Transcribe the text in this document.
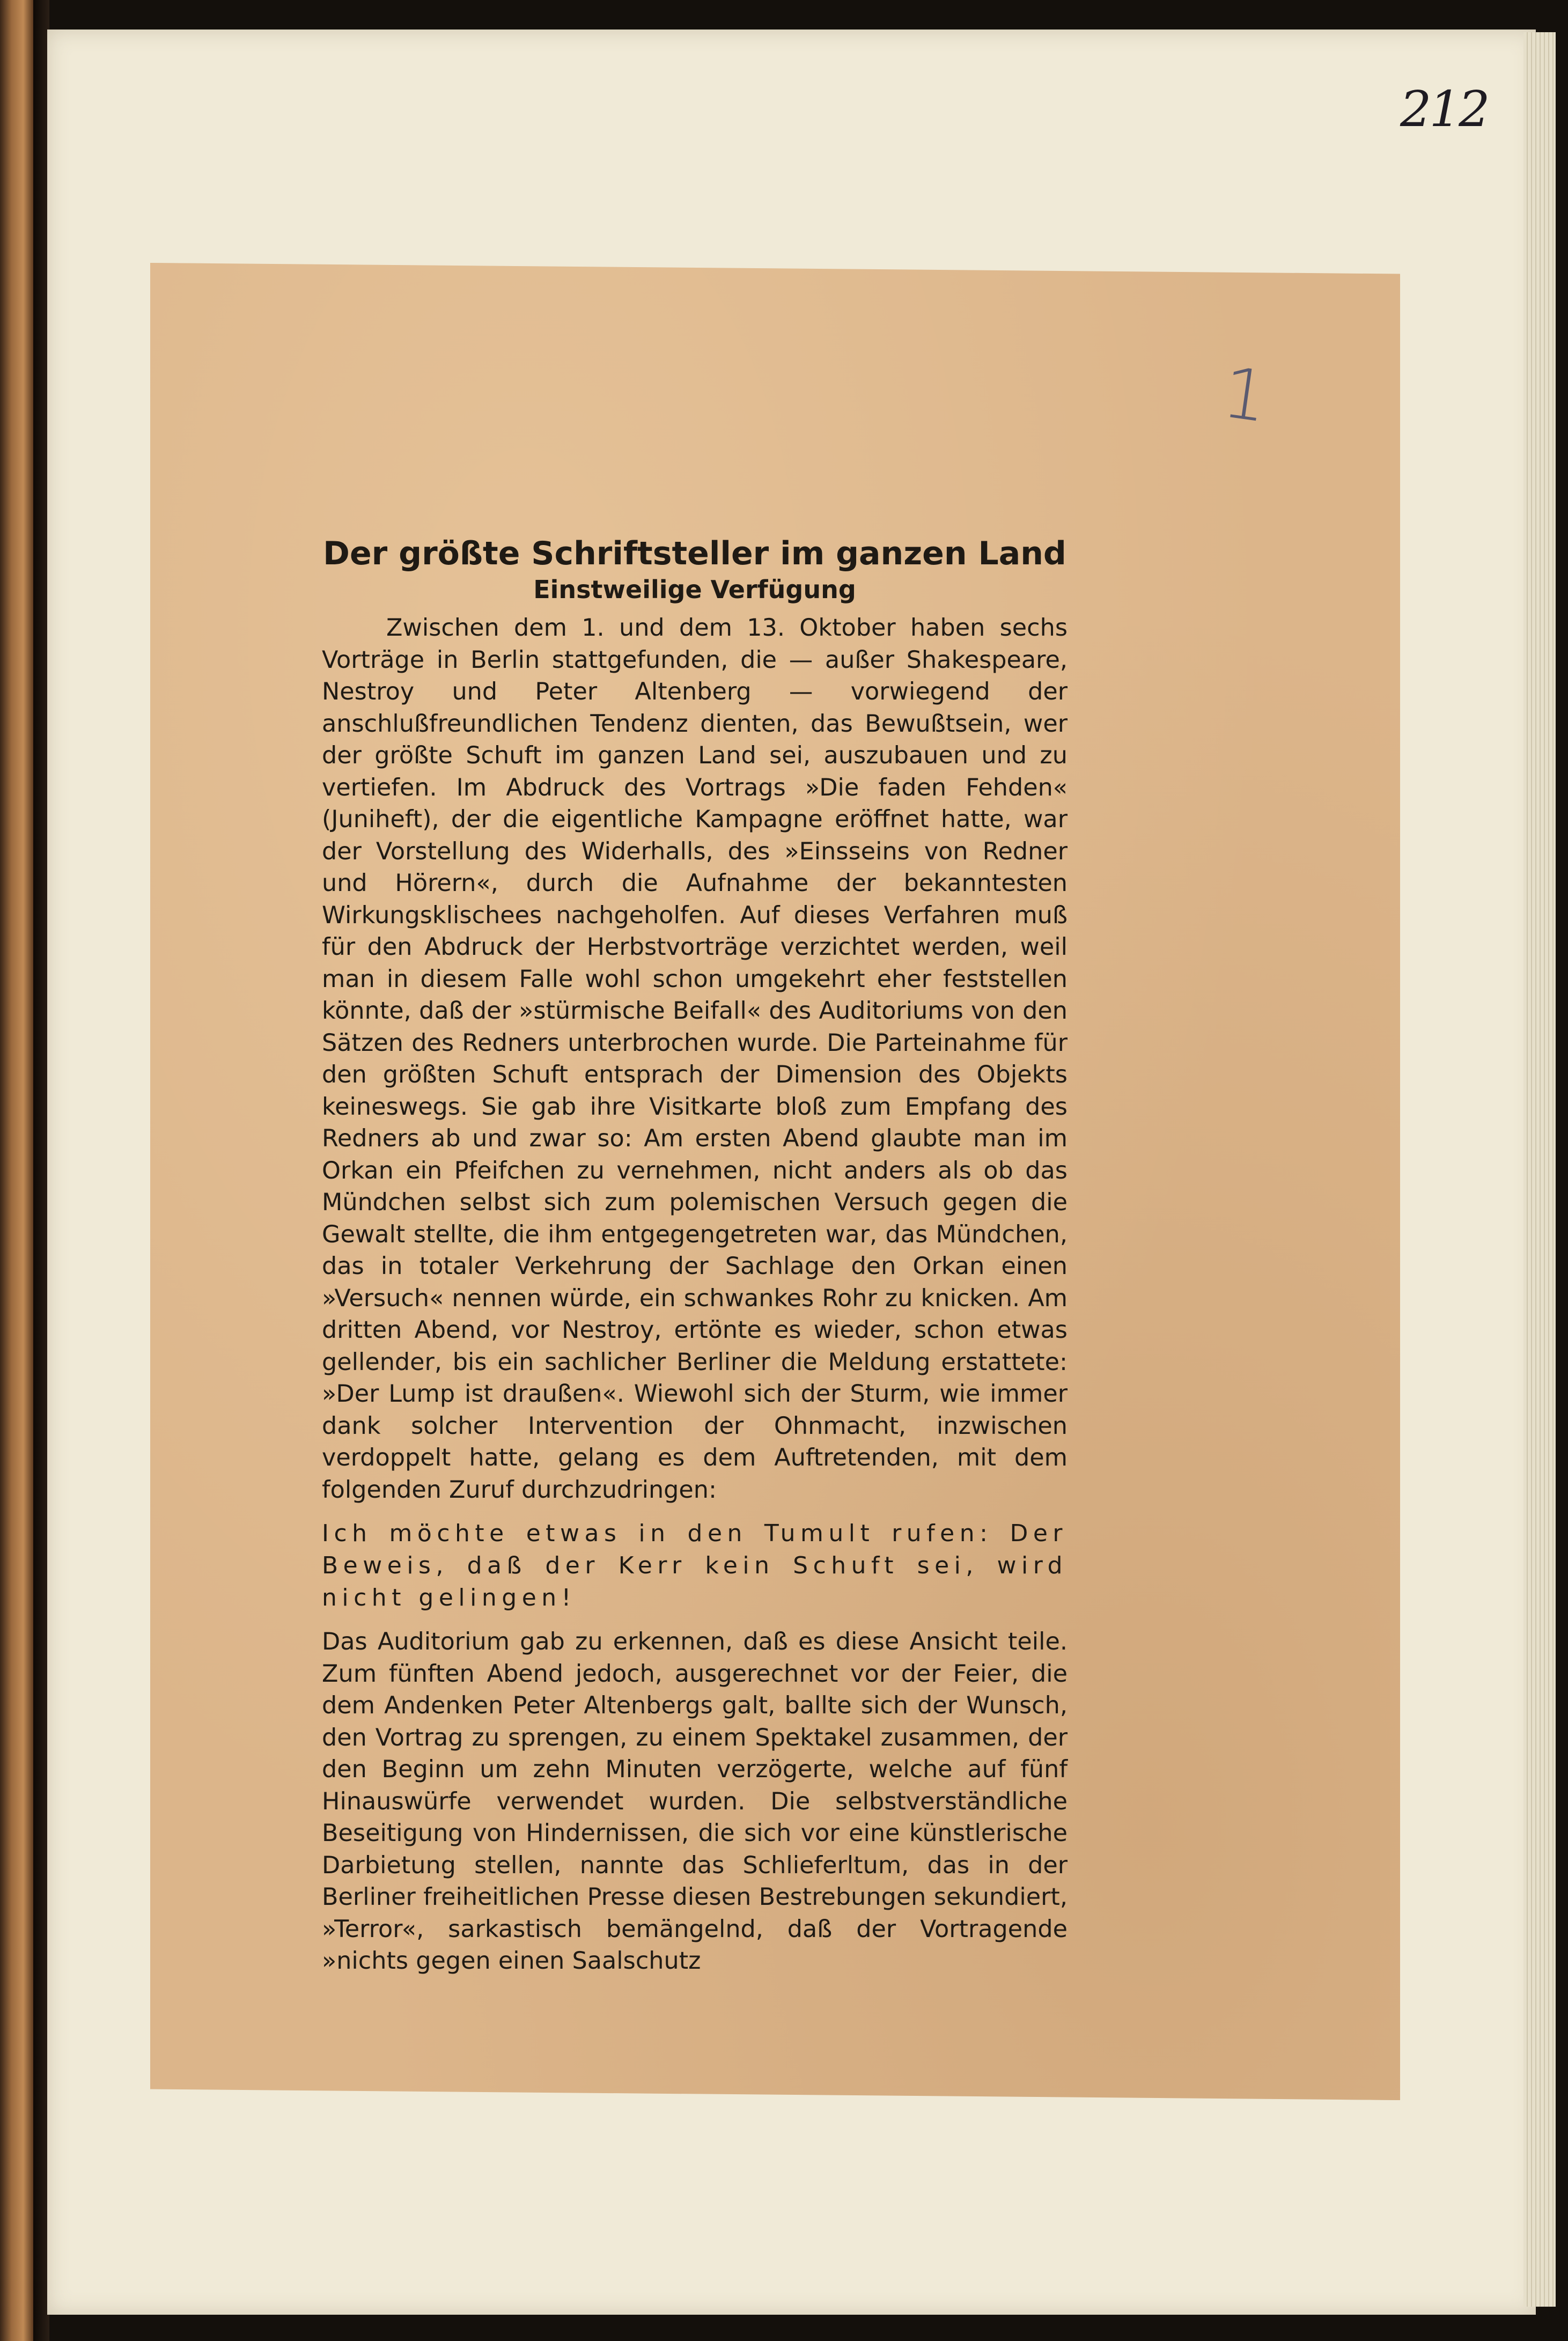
212
1
Der größte Schriftsteller im ganzen Land
Einstweilige Verfügung

Zwischen dem 1. und dem 13. Oktober haben sechs Vorträge in Berlin stattgefunden, die — außer Shakespeare, Nestroy und Peter Altenberg — vorwiegend der anschlußfreundlichen Tendenz dienten, das Bewußtsein, wer der größte Schuft im ganzen Land sei, auszubauen und zu vertiefen. Im Abdruck des Vortrags »Die faden Fehden« (Juniheft), der die eigentliche Kampagne eröffnet hatte, war der Vorstellung des Widerhalls, des »Einsseins von Redner und Hörern«, durch die Aufnahme der bekanntesten Wirkungsklischees nachgeholfen. Auf dieses Verfahren muß für den Abdruck der Herbstvorträge verzichtet werden, weil man in diesem Falle wohl schon umgekehrt eher feststellen könnte, daß der »stürmische Beifall« des Auditoriums von den Sätzen des Redners unterbrochen wurde. Die Parteinahme für den größten Schuft entsprach der Dimension des Objekts keineswegs. Sie gab ihre Visitkarte bloß zum Empfang des Redners ab und zwar so: Am ersten Abend glaubte man im Orkan ein Pfeifchen zu vernehmen, nicht anders als ob das Mündchen selbst sich zum polemischen Versuch gegen die Gewalt stellte, die ihm entgegengetreten war, das Mündchen, das in totaler Verkehrung der Sachlage den Orkan einen »Versuch« nennen würde, ein schwankes Rohr zu knicken. Am dritten Abend, vor Nestroy, ertönte es wieder, schon etwas gellender, bis ein sachlicher Berliner die Meldung erstattete: »Der Lump ist draußen«. Wiewohl sich der Sturm, wie immer dank solcher Intervention der Ohnmacht, inzwischen verdoppelt hatte, gelang es dem Auftretenden, mit dem folgenden Zuruf durchzudringen:

Ich möchte etwas in den Tumult rufen: Der Beweis, daß der Kerr kein Schuft sei, wird nicht gelingen!

Das Auditorium gab zu erkennen, daß es diese Ansicht teile. Zum fünften Abend jedoch, ausgerechnet vor der Feier, die dem Andenken Peter Altenbergs galt, ballte sich der Wunsch, den Vortrag zu sprengen, zu einem Spektakel zusammen, der den Beginn um zehn Minuten verzögerte, welche auf fünf Hinauswürfe verwendet wurden. Die selbstverständliche Beseitigung von Hindernissen, die sich vor eine künstlerische Darbietung stellen, nannte das Schlieferltum, das in der Berliner freiheitlichen Presse diesen Bestrebungen sekundiert, »Terror«, sarkastisch bemängelnd, daß der Vortragende »nichts gegen einen Saalschutz
